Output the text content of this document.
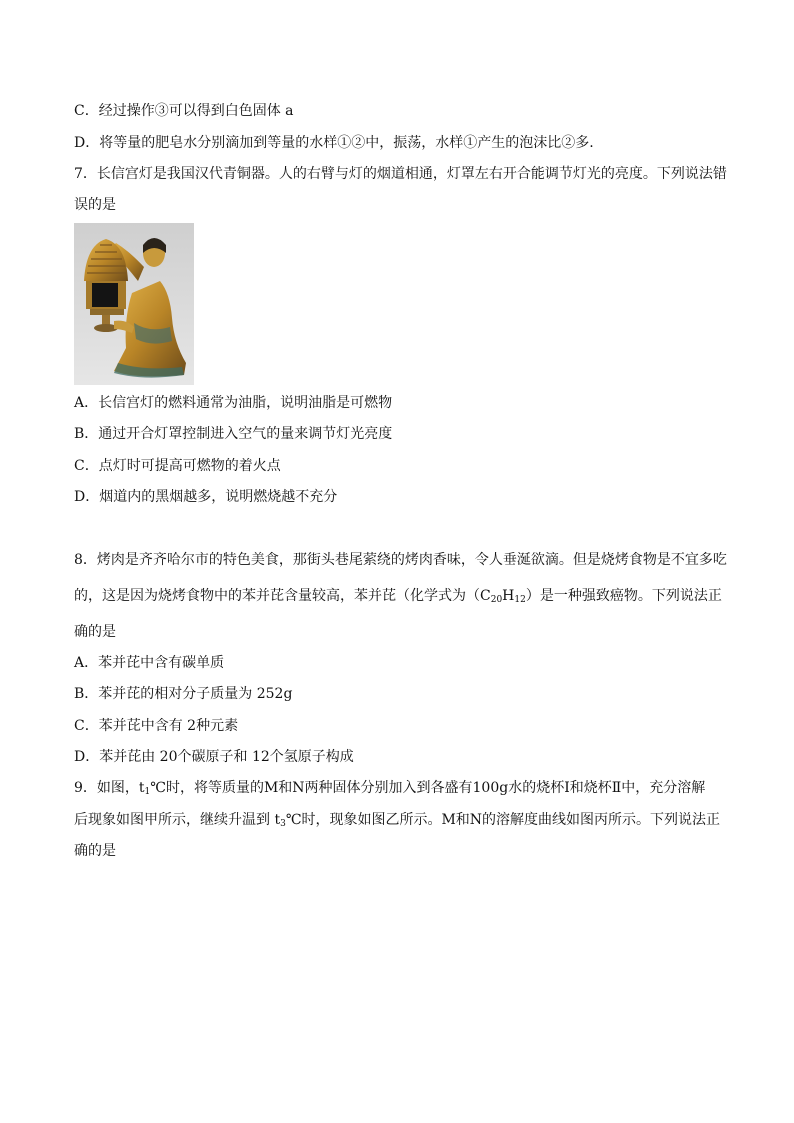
C．经过操作③可以得到白色固体 a
D．将等量的肥皂水分别滴加到等量的水样①②中，振荡，水样①产生的泡沫比②多.
7．长信宫灯是我国汉代青铜器。人的右臂与灯的烟道相通，灯罩左右开合能调节灯光的亮度。下列说法错
误的是
A．长信宫灯的燃料通常为油脂，说明油脂是可燃物
B．通过开合灯罩控制进入空气的量来调节灯光亮度
C．点灯时可提高可燃物的着火点
D．烟道内的黑烟越多，说明燃烧越不充分
8．烤肉是齐齐哈尔市的特色美食，那街头巷尾萦绕的烤肉香味，令人垂涎欲滴。但是烧烤食物是不宜多吃
的，这是因为烧烤食物中的苯并芘含量较高，苯并芘（化学式为$(C_{20}H_{12})$是一种强致癌物。下列说法正
确的是
A．苯并芘中含有碳单质
B．苯并芘的相对分子质量为 252g
C．苯并芘中含有 2种元素
D．苯并芘由 20个碳原子和 12个氢原子构成
9．如图，$t_1℃$时，将等质量的M和N两种固体分别加入到各盛有100g水的烧杯Ⅰ和烧杯Ⅱ中，充分溶解
后现象如图甲所示，继续升温到 $t_3℃$时，现象如图乙所示。M和N的溶解度曲线如图丙所示。下列说法正
确的是
